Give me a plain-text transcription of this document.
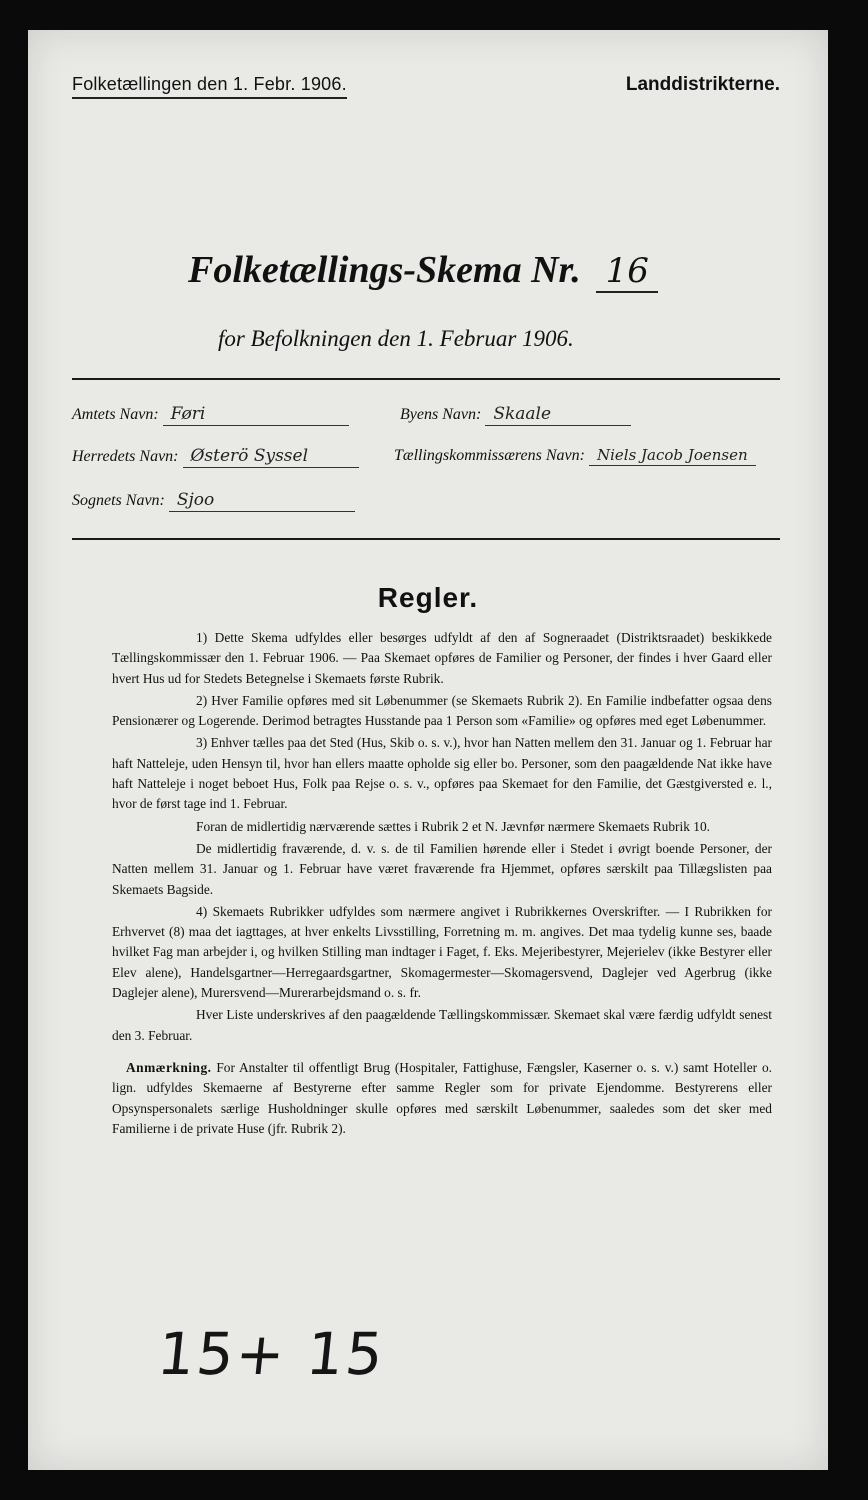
Folketællingen den 1. Febr. 1906.	Landdistrikterne.
Folketællings-Skema Nr. 16
for Befolkningen den 1. Februar 1906.
Amtets Navn: Føri	Byens Navn: Skaale
Herredets Navn: Østerö Syssel	Tællingskommissærens Navn: Niels Jacob Joensen
Sognets Navn: Sjoo
Regler.

1) Dette Skema udfyldes eller besørges udfyldt af den af Sogneraadet (Distriktsraadet) beskikkede Tællingskommissær den 1. Februar 1906. — Paa Skemaet opføres de Familier og Personer, der findes i hver Gaard eller hvert Hus ud for Stedets Betegnelse i Skemaets første Rubrik.

2) Hver Familie opføres med sit Løbenummer (se Skemaets Rubrik 2). En Familie indbefatter ogsaa dens Pensionærer og Logerende. Derimod betragtes Husstande paa 1 Person som «Familie» og opføres med eget Løbenummer.

3) Enhver tælles paa det Sted (Hus, Skib o. s. v.), hvor han Natten mellem den 31. Januar og 1. Februar har haft Natteleje, uden Hensyn til, hvor han ellers maatte opholde sig eller bo. Personer, som den paagældende Nat ikke have haft Natteleje i noget beboet Hus, Folk paa Rejse o. s. v., opføres paa Skemaet for den Familie, det Gæstgiversted e. l., hvor de først tage ind 1. Februar.

Foran de midlertidig nærværende sættes i Rubrik 2 et N. Jævnfør nærmere Skemaets Rubrik 10.

De midlertidig fraværende, d. v. s. de til Familien hørende eller i Stedet i øvrigt boende Personer, der Natten mellem 31. Januar og 1. Februar have været fraværende fra Hjemmet, opføres særskilt paa Tillægslisten paa Skemaets Bagside.

4) Skemaets Rubrikker udfyldes som nærmere angivet i Rubrikkernes Overskrifter. — I Rubrikken for Erhvervet (8) maa det iagttages, at hver enkelts Livsstilling, Forretning m. m. angives. Det maa tydelig kunne ses, baade hvilket Fag man arbejder i, og hvilken Stilling man indtager i Faget, f. Eks. Mejeribestyrer, Mejerielev (ikke Bestyrer eller Elev alene), Handelsgartner—Herregaardsgartner, Skomagermester—Skomagersvend, Daglejer ved Agerbrug (ikke Daglejer alene), Murersvend—Murerarbejdsmand o. s. fr.

Hver Liste underskrives af den paagældende Tællingskommissær. Skemaet skal være færdig udfyldt senest den 3. Februar.

Anmærkning. For Anstalter til offentligt Brug (Hospitaler, Fattighuse, Fængsler, Kaserner o. s. v.) samt Hoteller o. lign. udfyldes Skemaerne af Bestyrerne efter samme Regler som for private Ejendomme. Bestyrerens eller Opsynspersonalets særlige Husholdninger skulle opføres med særskilt Løbenummer, saaledes som det sker med Familierne i de private Huse (jfr. Rubrik 2).

15+ 15
